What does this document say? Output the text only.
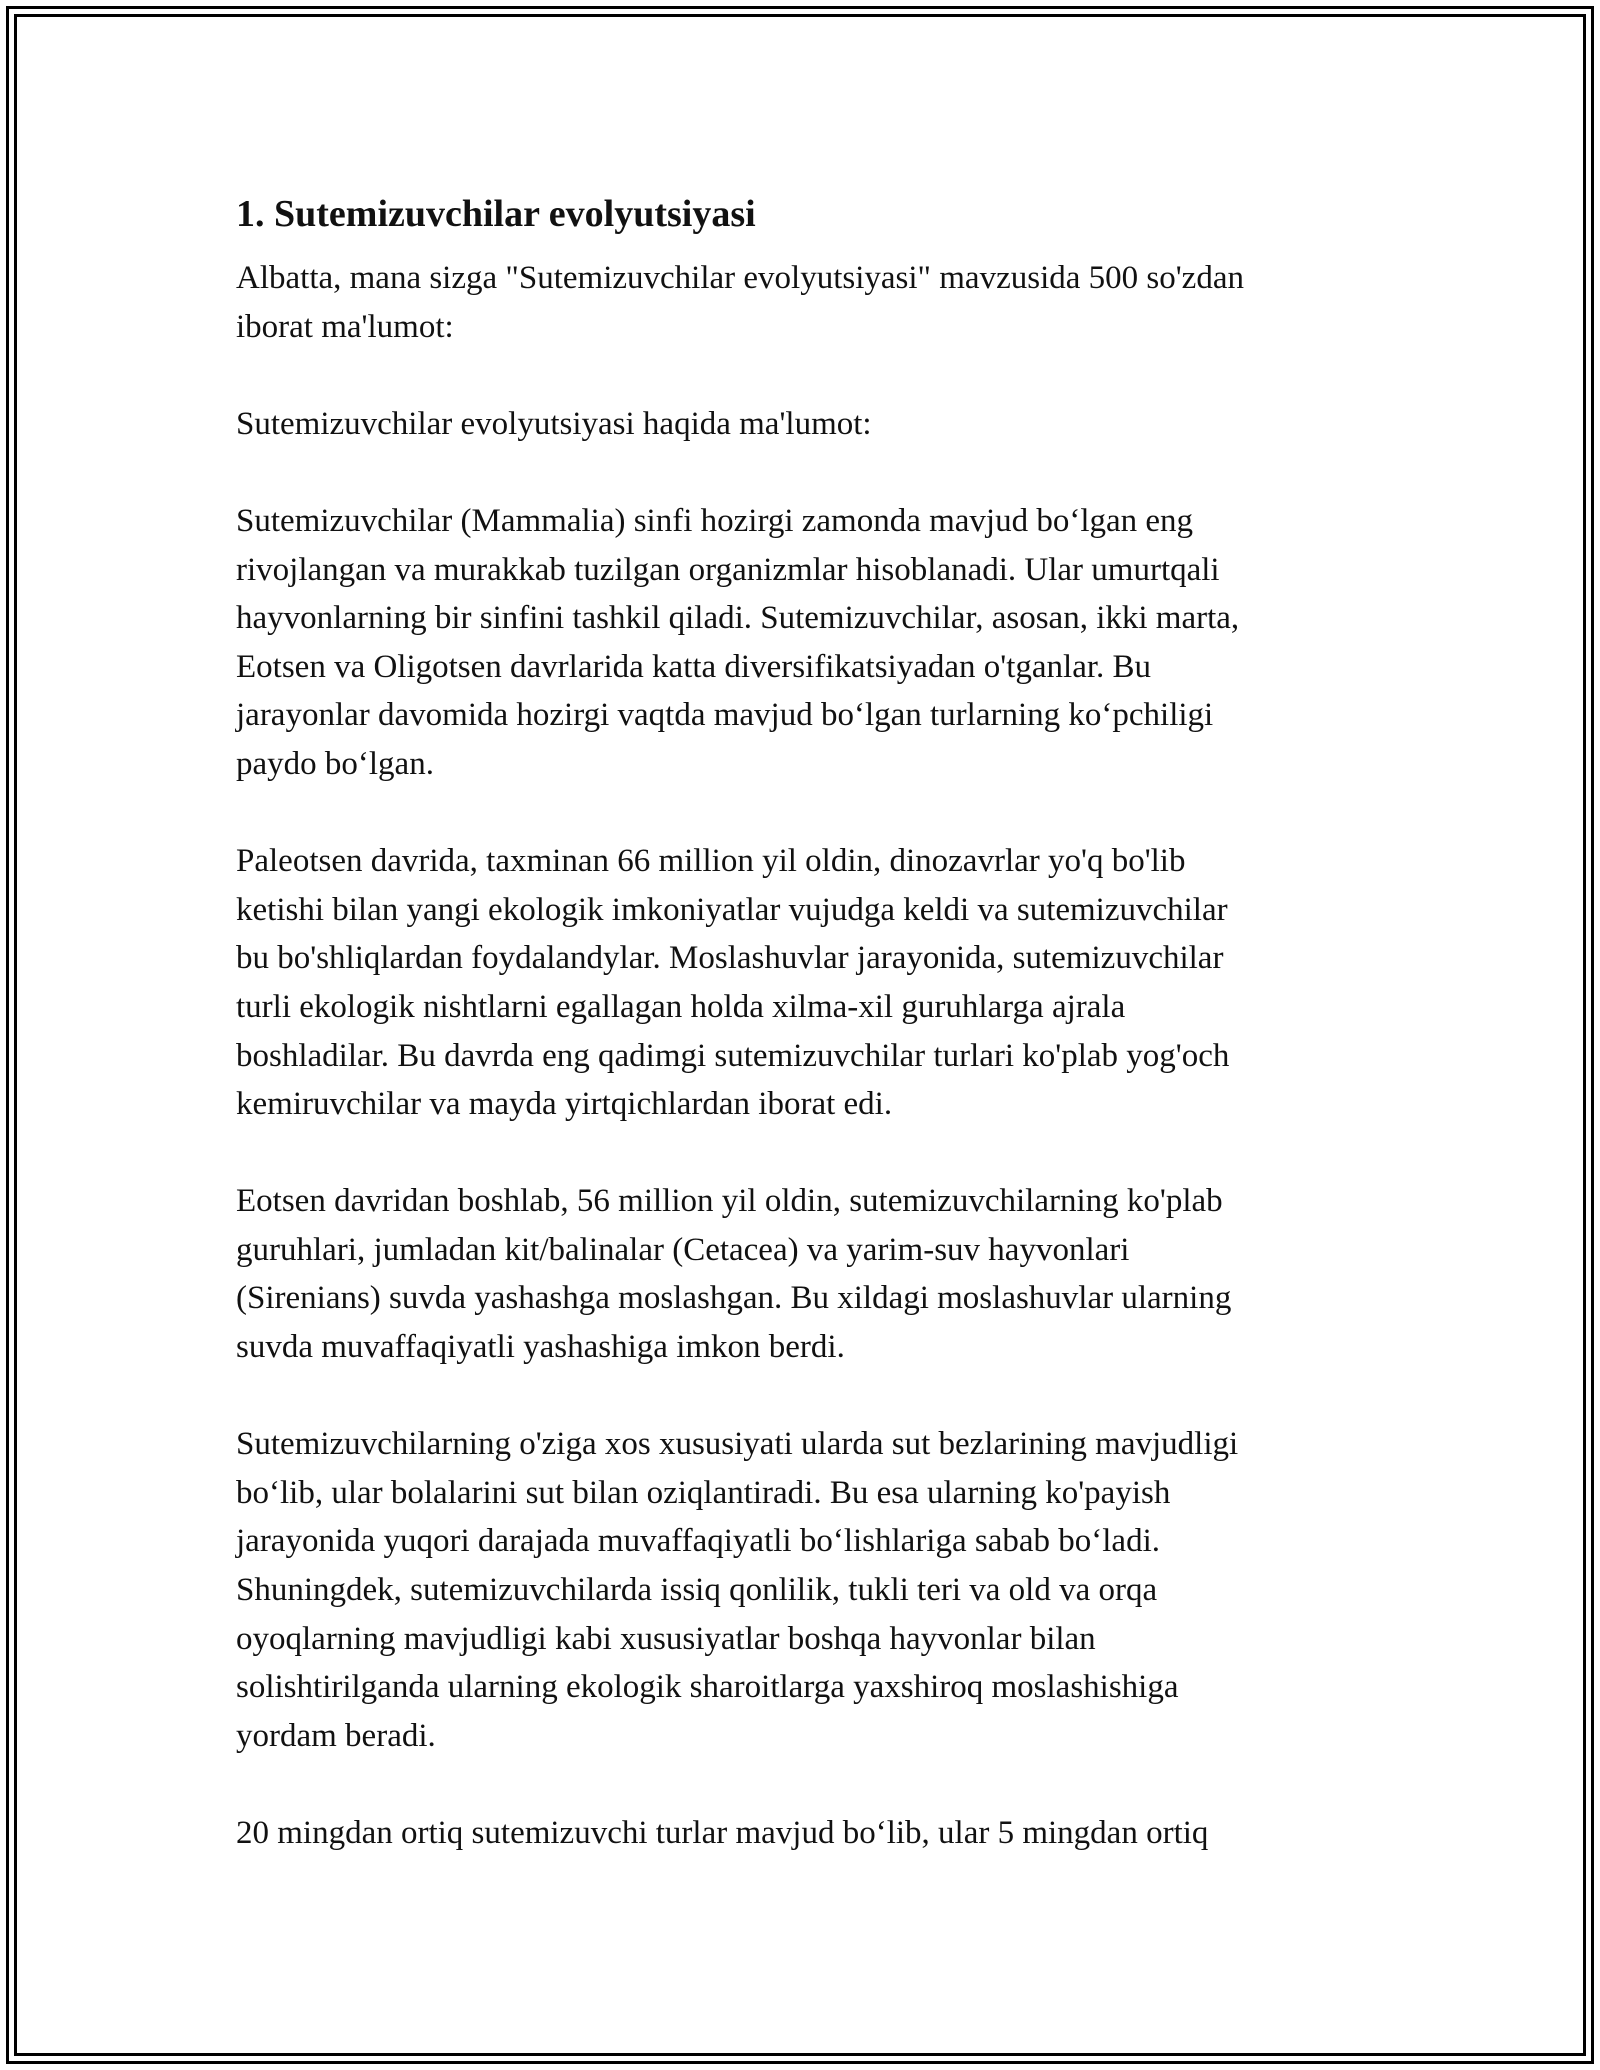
1. Sutemizuvchilar evolyutsiyasi

Albatta, mana sizga "Sutemizuvchilar evolyutsiyasi" mavzusida 500 so'zdan
iborat ma'lumot:

Sutemizuvchilar evolyutsiyasi haqida ma'lumot:

Sutemizuvchilar (Mammalia) sinfi hozirgi zamonda mavjud bo‘lgan eng
rivojlangan va murakkab tuzilgan organizmlar hisoblanadi. Ular umurtqali
hayvonlarning bir sinfini tashkil qiladi. Sutemizuvchilar, asosan, ikki marta,
Eotsen va Oligotsen davrlarida katta diversifikatsiyadan o'tganlar. Bu
jarayonlar davomida hozirgi vaqtda mavjud bo‘lgan turlarning ko‘pchiligi
paydo bo‘lgan.

Paleotsen davrida, taxminan 66 million yil oldin, dinozavrlar yo'q bo'lib
ketishi bilan yangi ekologik imkoniyatlar vujudga keldi va sutemizuvchilar
bu bo'shliqlardan foydalandylar. Moslashuvlar jarayonida, sutemizuvchilar
turli ekologik nishtlarni egallagan holda xilma-xil guruhlarga ajrala
boshladilar. Bu davrda eng qadimgi sutemizuvchilar turlari ko'plab yog'och
kemiruvchilar va mayda yirtqichlardan iborat edi.

Eotsen davridan boshlab, 56 million yil oldin, sutemizuvchilarning ko'plab
guruhlari, jumladan kit/balinalar (Cetacea) va yarim-suv hayvonlari
(Sirenians) suvda yashashga moslashgan. Bu xildagi moslashuvlar ularning
suvda muvaffaqiyatli yashashiga imkon berdi.

Sutemizuvchilarning o'ziga xos xususiyati ularda sut bezlarining mavjudligi
bo‘lib, ular bolalarini sut bilan oziqlantiradi. Bu esa ularning ko'payish
jarayonida yuqori darajada muvaffaqiyatli bo‘lishlariga sabab bo‘ladi.
Shuningdek, sutemizuvchilarda issiq qonlilik, tukli teri va old va orqa
oyoqlarning mavjudligi kabi xususiyatlar boshqa hayvonlar bilan
solishtirilganda ularning ekologik sharoitlarga yaxshiroq moslashishiga
yordam beradi.

20 mingdan ortiq sutemizuvchi turlar mavjud bo‘lib, ular 5 mingdan ortiq
